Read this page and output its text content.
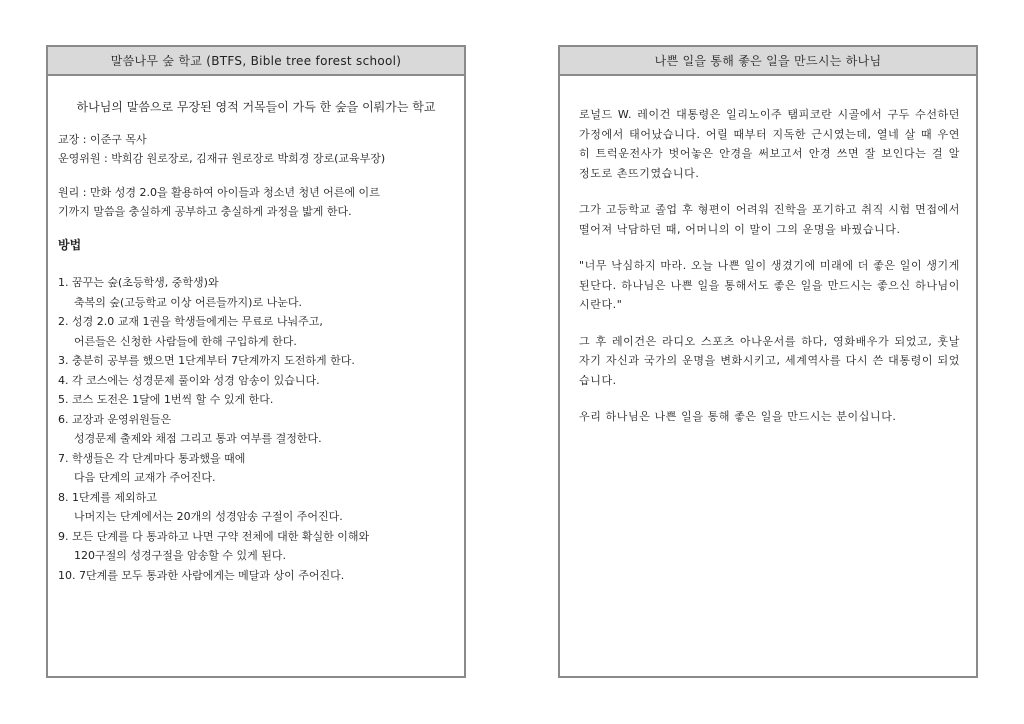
말씀나무 숲 학교 (BTFS, Bible tree forest school)
하나님의 말씀으로 무장된 영적 거목들이 가득 한 숲을 이뤄가는 학교
교장 : 이준구 목사
운영위원 : 박희감 원로장로, 김재규 원로장로 박희경 장로(교육부장)
원리 : 만화 성경 2.0을 활용하여 아이들과 청소년 청년 어른에 이르
기까지 말씀을 충실하게 공부하고 충실하게 과정을 밟게 한다.
방법
1. 꿈꾸는 숲(초등학생, 중학생)와
축복의 숲(고등학교 이상 어른들까지)로 나눈다.
2. 성경 2.0 교재 1권을 학생들에게는 무료로 나눠주고,
어른들은 신청한 사람들에 한해 구입하게 한다.
3. 충분히 공부를 했으면 1단계부터 7단계까지 도전하게 한다.
4. 각 코스에는 성경문제 풀이와 성경 암송이 있습니다.
5. 코스 도전은 1달에 1번씩 할 수 있게 한다.
6. 교장과 운영위원들은
성경문제 출제와 채점 그리고 통과 여부를 결정한다.
7. 학생들은 각 단계마다 통과했을 때에
다음 단계의 교재가 주어진다.
8. 1단계를 제외하고
나머지는 단계에서는 20개의 성경암송 구절이 주어진다.
9. 모든 단계를 다 통과하고 나면 구약 전체에 대한 확실한 이해와
120구절의 성경구절을 암송할 수 있게 된다.
10. 7단계를 모두 통과한 사람에게는 메달과 상이 주어진다.
나쁜 일을 통해 좋은 일을 만드시는 하나님

로널드 W. 레이건 대통령은 일리노이주 탬피코란 시골에서 구두 수선하던 가정에서 태어났습니다. 어릴 때부터 지독한 근시였는데, 열네 살 때 우연히 트럭운전사가 벗어놓은 안경을 써보고서 안경 쓰면 잘 보인다는 걸 알 정도로 촌뜨기였습니다.

그가 고등학교 졸업 후 형편이 어려워 진학을 포기하고 취직 시험 면접에서 떨어져 낙담하던 때, 어머니의 이 말이 그의 운명을 바꿨습니다.

"너무 낙심하지 마라. 오늘 나쁜 일이 생겼기에 미래에 더 좋은 일이 생기게 된단다. 하나님은 나쁜 일을 통해서도 좋은 일을 만드시는 좋으신 하나님이시란다."

그 후 레이건은 라디오 스포츠 아나운서를 하다, 영화배우가 되었고, 훗날 자기 자신과 국가의 운명을 변화시키고, 세계역사를 다시 쓴 대통령이 되었습니다.

우리 하나님은 나쁜 일을 통해 좋은 일을 만드시는 분이십니다.
